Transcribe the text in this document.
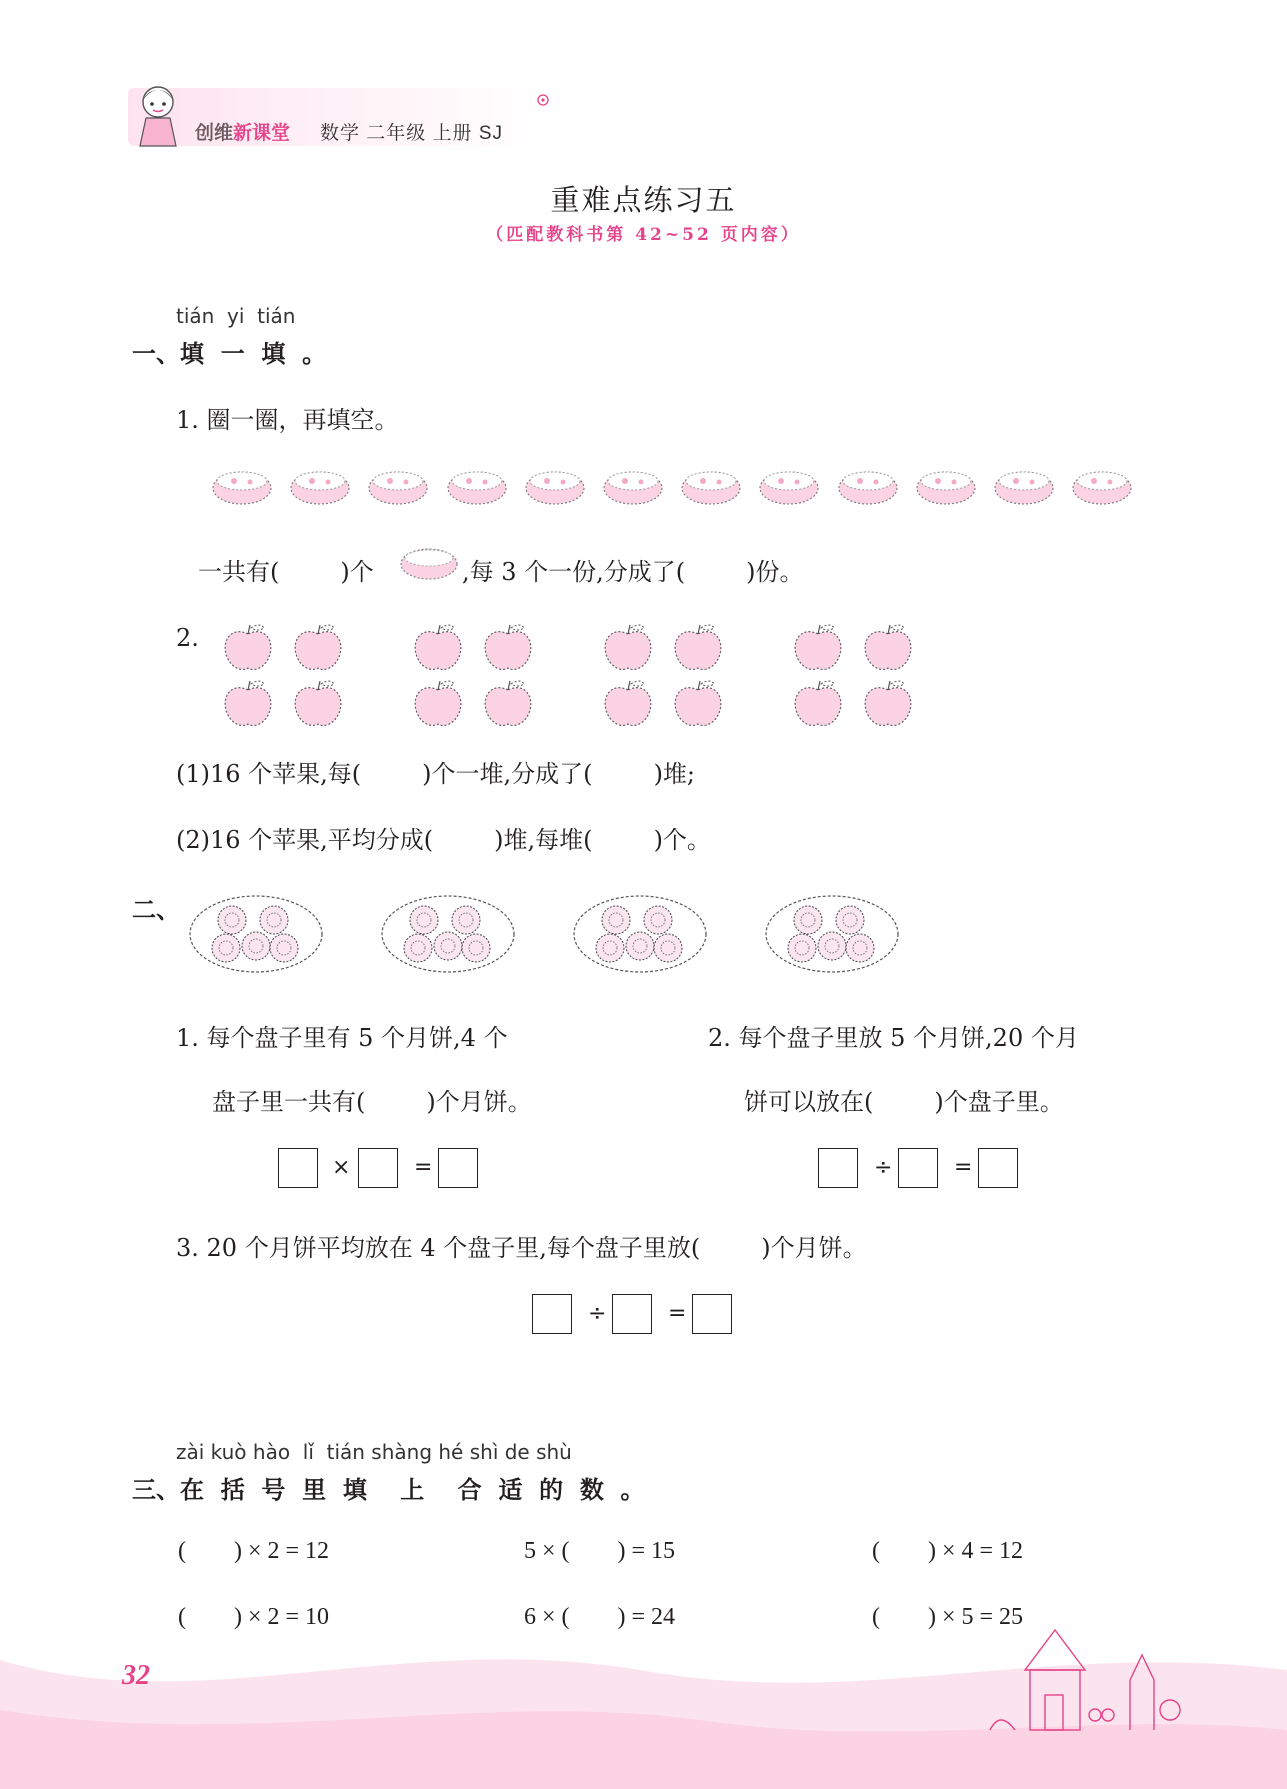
创维新课堂 数学 二年级 上册 SJ
重难点练习五
（匹配教科书第 42~52 页内容）
tián  yi  tián
一、填  一  填  。
1. 圈一圈，再填空。
一共有(        )个	,每 3 个一份,分成了(        )份。
2.
(1)16 个苹果,每(        )个一堆,分成了(        )堆;
(2)16 个苹果,平均分成(        )堆,每堆(        )个。
二、
1. 每个盘子里有 5 个月饼,4 个
盘子里一共有(        )个月饼。
2. 每个盘子里放 5 个月饼,20 个月
饼可以放在(        )个盘子里。
×	=	÷	=
3. 20 个月饼平均放在 4 个盘子里,每个盘子里放(        )个月饼。
÷	=
zài kuò hào  lǐ  tián shàng hé shì de shù
三、在  括  号  里  填    上    合  适  的  数  。
(        ) × 2 = 12	5 × (        ) = 15	(        ) × 4 = 12
(        ) × 2 = 10	6 × (        ) = 24	(        ) × 5 = 25
32
